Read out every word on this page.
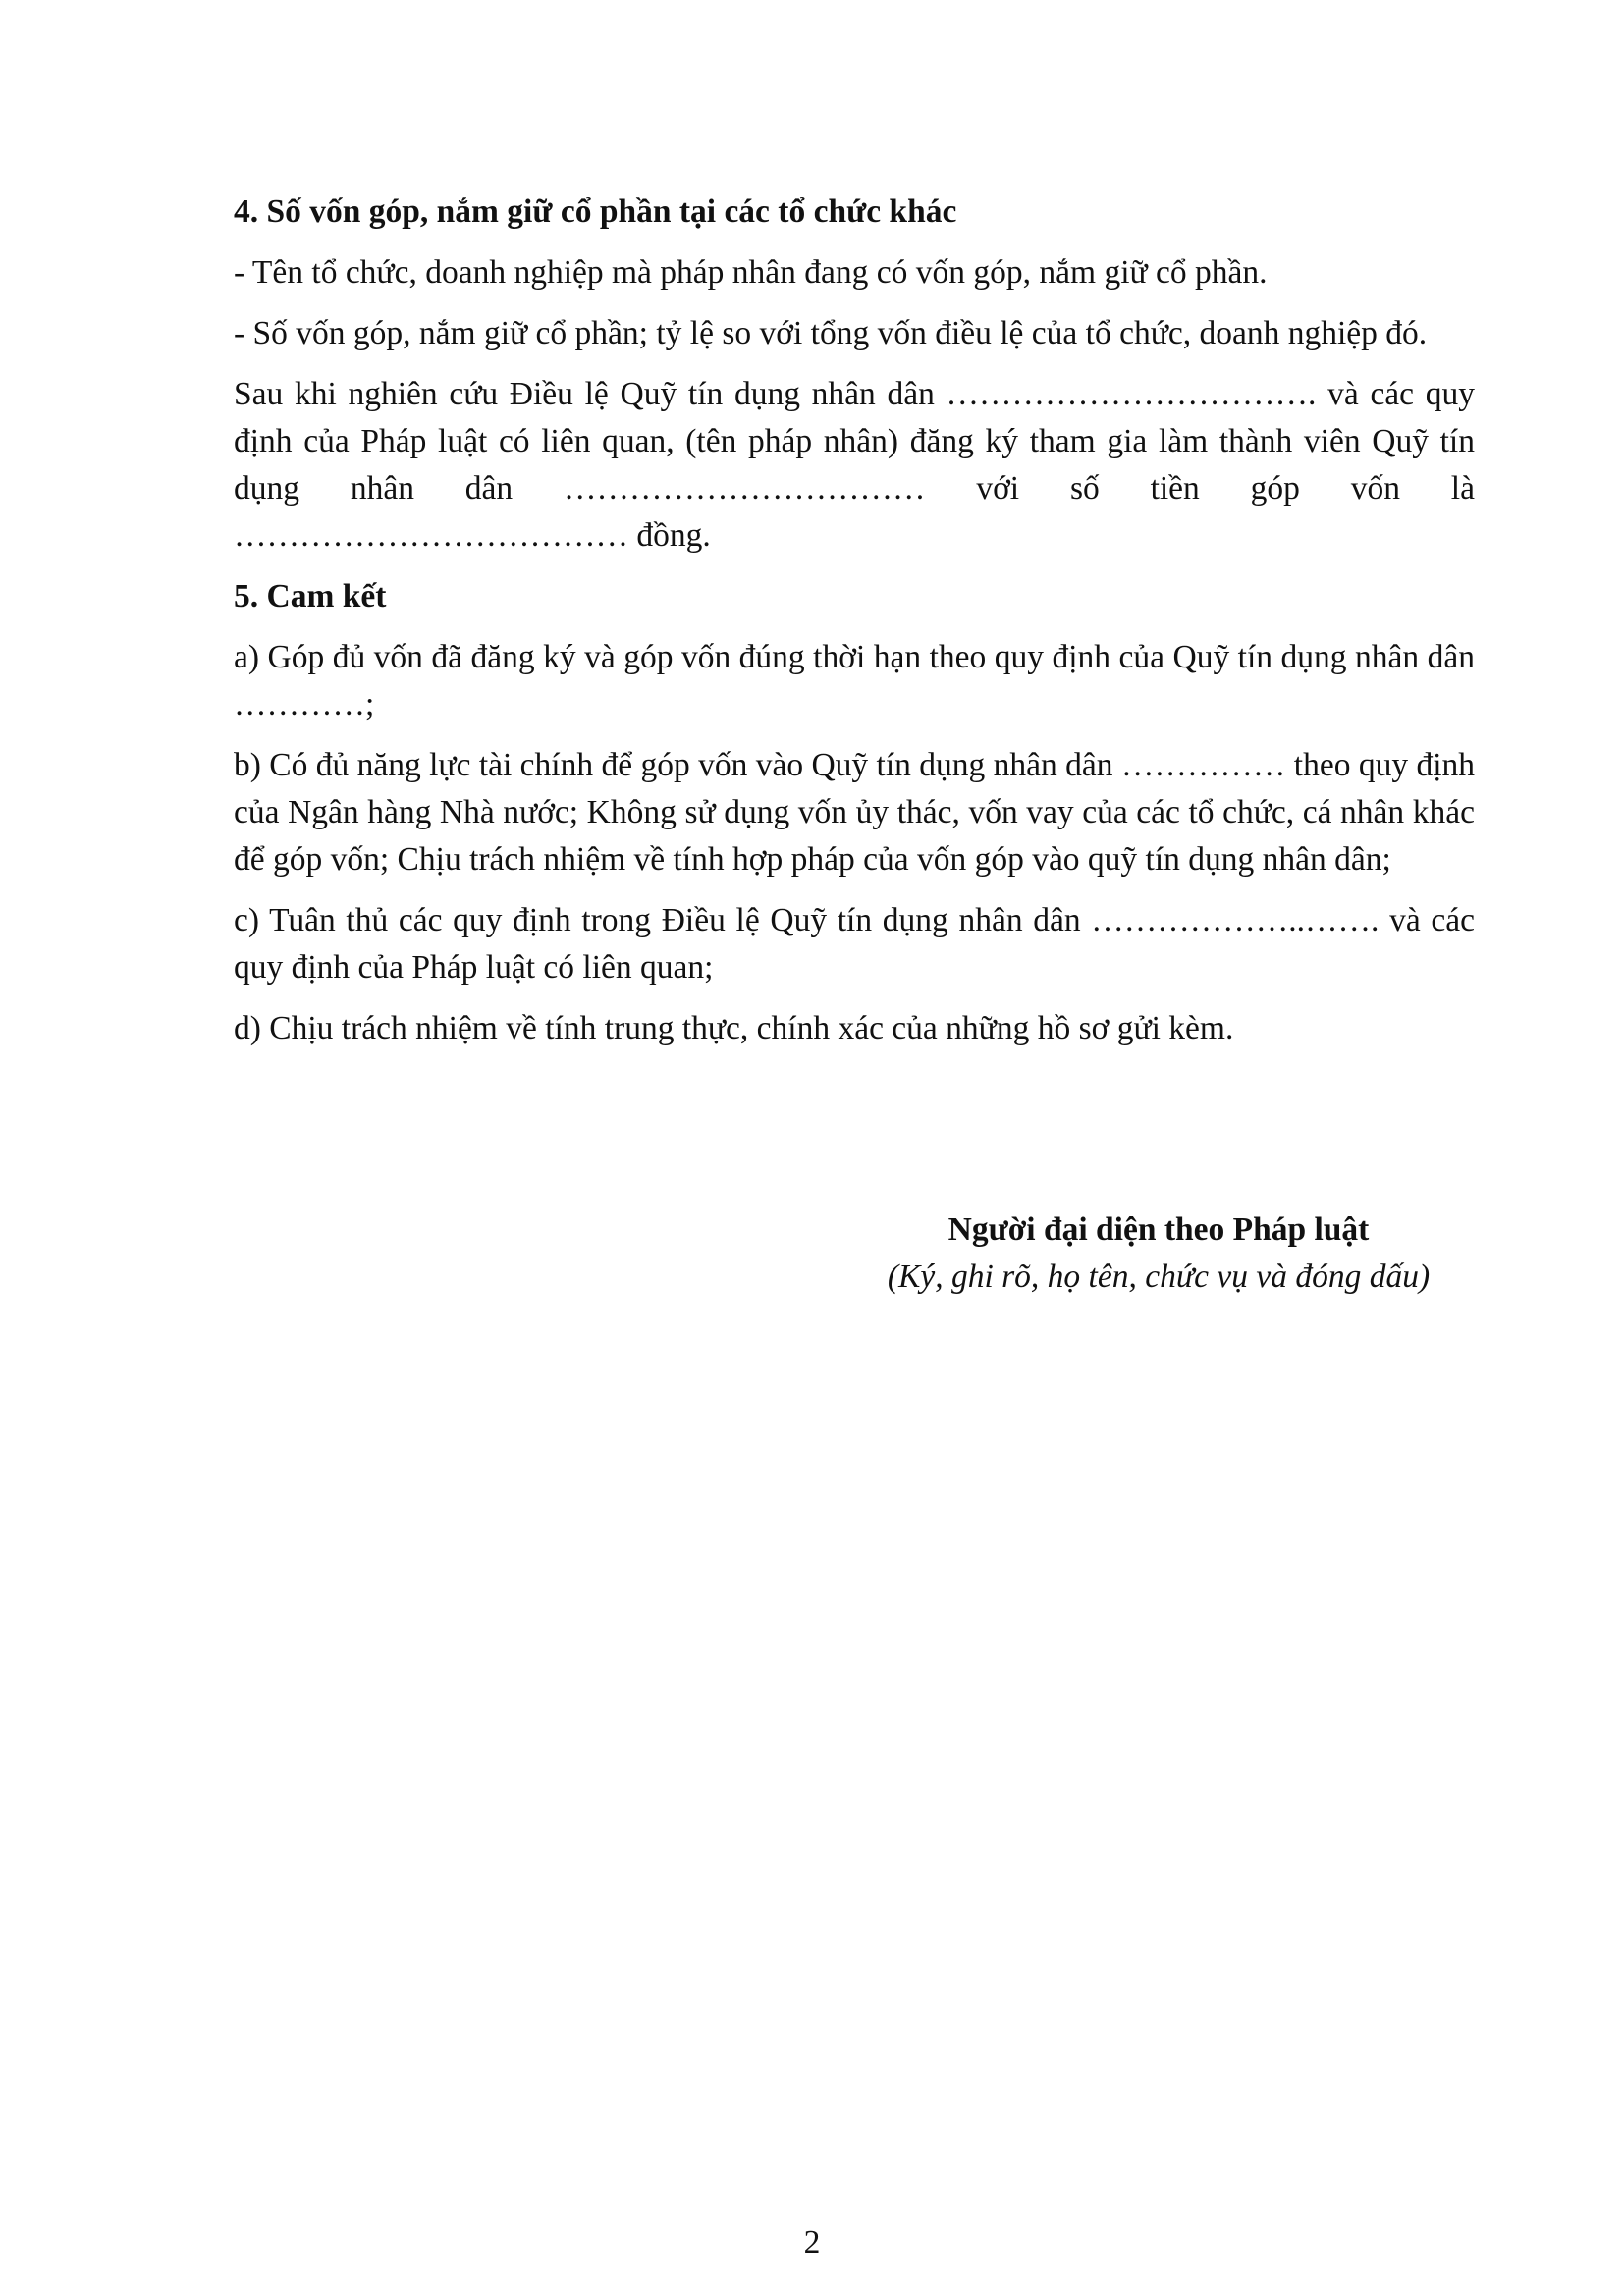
4. Số vốn góp, nắm giữ cổ phần tại các tổ chức khác
- Tên tổ chức, doanh nghiệp mà pháp nhân đang có vốn góp, nắm giữ cổ phần.
- Số vốn góp, nắm giữ cổ phần; tỷ lệ so với tổng vốn điều lệ của tổ chức, doanh nghiệp đó.
Sau khi nghiên cứu Điều lệ Quỹ tín dụng nhân dân ……………………………. và các quy định của Pháp luật có liên quan, (tên pháp nhân) đăng ký tham gia làm thành viên Quỹ tín dụng nhân dân …………………………… với số tiền góp vốn là ……………………………… đồng.
5. Cam kết
a) Góp đủ vốn đã đăng ký và góp vốn đúng thời hạn theo quy định của Quỹ tín dụng nhân dân …………;
b) Có đủ năng lực tài chính để góp vốn vào Quỹ tín dụng nhân dân …………… theo quy định của Ngân hàng Nhà nước; Không sử dụng vốn ủy thác, vốn vay của các tổ chức, cá nhân khác để góp vốn; Chịu trách nhiệm về tính hợp pháp của vốn góp vào quỹ tín dụng nhân dân;
c) Tuân thủ các quy định trong Điều lệ Quỹ tín dụng nhân dân ………………..……. và các quy định của Pháp luật có liên quan;
d) Chịu trách nhiệm về tính trung thực, chính xác của những hồ sơ gửi kèm.
Người đại diện theo Pháp luật
(Ký, ghi rõ, họ tên, chức vụ và đóng dấu)
2
